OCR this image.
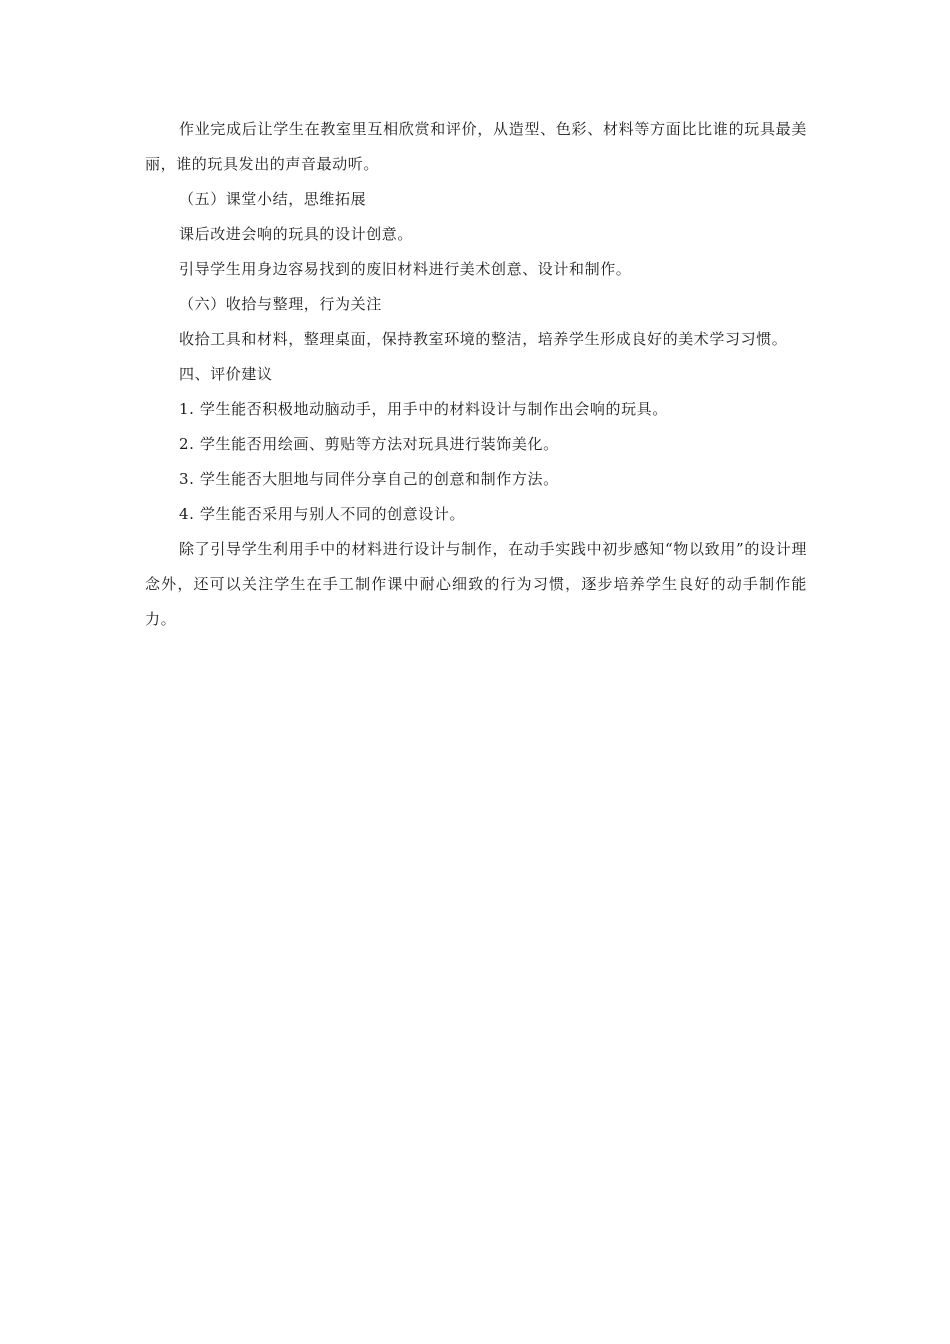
作业完成后让学生在教室里互相欣赏和评价，从造型、色彩、材料等方面比比谁的玩具最美丽，谁的玩具发出的声音最动听。

（五）课堂小结，思维拓展

课后改进会响的玩具的设计创意。

引导学生用身边容易找到的废旧材料进行美术创意、设计和制作。

（六）收拾与整理，行为关注

收拾工具和材料，整理桌面，保持教室环境的整洁，培养学生形成良好的美术学习习惯。

四、评价建议

1. 学生能否积极地动脑动手，用手中的材料设计与制作出会响的玩具。

2. 学生能否用绘画、剪贴等方法对玩具进行装饰美化。

3. 学生能否大胆地与同伴分享自己的创意和制作方法。

4. 学生能否采用与别人不同的创意设计。

除了引导学生利用手中的材料进行设计与制作，在动手实践中初步感知“物以致用”的设计理念外，还可以关注学生在手工制作课中耐心细致的行为习惯，逐步培养学生良好的动手制作能力。
